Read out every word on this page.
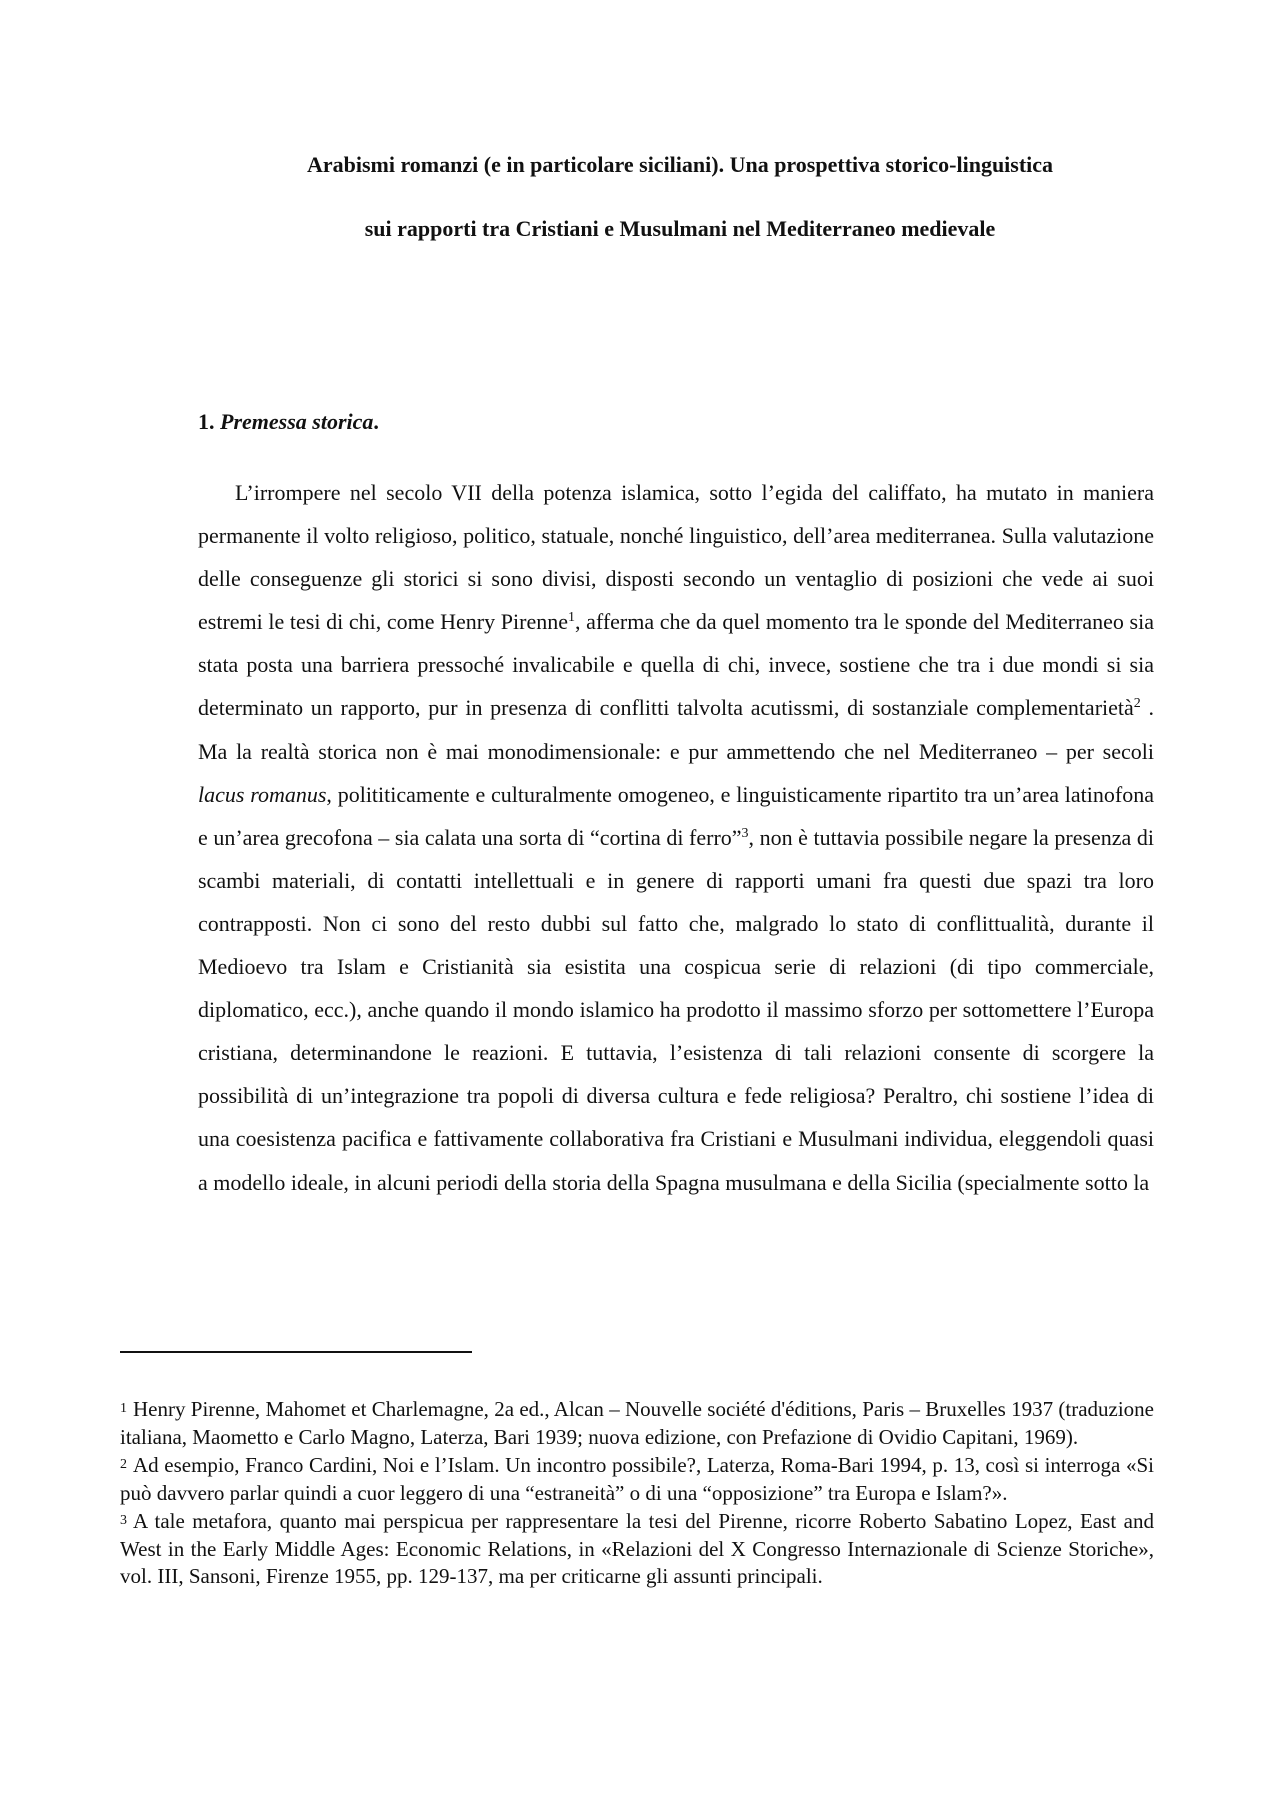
Arabismi romanzi (e in particolare siciliani). Una prospettiva storico-linguistica
sui rapporti tra Cristiani e Musulmani nel Mediterraneo medievale
1. Premessa storica.

L’irrompere nel secolo VII della potenza islamica, sotto l’egida del califfato, ha mutato in maniera permanente il volto religioso, politico, statuale, nonché linguistico, dell’area mediterranea. Sulla valutazione delle conseguenze gli storici si sono divisi, disposti secondo un ventaglio di posizioni che vede ai suoi estremi le tesi di chi, come Henry Pirenne$^1$, afferma che da quel momento tra le sponde del Mediterraneo sia stata posta una barriera pressoché invalicabile e quella di chi, invece, sostiene che tra i due mondi si sia determinato un rapporto, pur in presenza di conflitti talvolta acutissmi, di sostanziale complementarietà$^2$ . Ma la realtà storica non è mai monodimensionale: e pur ammettendo che nel Mediterraneo – per secoli lacus romanus, polititicamente e culturalmente omogeneo, e linguisticamente ripartito tra un’area latinofona e un’area grecofona – sia calata una sorta di “cortina di ferro”$^3$, non è tuttavia possibile negare la presenza di scambi materiali, di contatti intellettuali e in genere di rapporti umani fra questi due spazi tra loro contrapposti. Non ci sono del resto dubbi sul fatto che, malgrado lo stato di conflittualità, durante il Medioevo tra Islam e Cristianità sia esistita una cospicua serie di relazioni (di tipo commerciale, diplomatico, ecc.), anche quando il mondo islamico ha prodotto il massimo sforzo per sottomettere l’Europa cristiana, determinandone le reazioni. E tuttavia, l’esistenza di tali relazioni consente di scorgere la possibilità di un’integrazione tra popoli di diversa cultura e fede religiosa? Peraltro, chi sostiene l’idea di una coesistenza pacifica e fattivamente collaborativa fra Cristiani e Musulmani individua, eleggendoli quasi a modello ideale, in alcuni periodi della storia della Spagna musulmana e della Sicilia (specialmente sotto la

1 Henry Pirenne, Mahomet et Charlemagne, 2a ed., Alcan – Nouvelle société d'éditions, Paris – Bruxelles 1937 (traduzione italiana, Maometto e Carlo Magno, Laterza, Bari 1939; nuova edizione, con Prefazione di Ovidio Capitani, 1969).

2 Ad esempio, Franco Cardini, Noi e l’Islam. Un incontro possibile?, Laterza, Roma-Bari 1994, p. 13, così si interroga «Si può davvero parlar quindi a cuor leggero di una “estraneità” o di una “opposizione” tra Europa e Islam?».

3 A tale metafora, quanto mai perspicua per rappresentare la tesi del Pirenne, ricorre Roberto Sabatino Lopez, East and West in the Early Middle Ages: Economic Relations, in «Relazioni del X Congresso Internazionale di Scienze Storiche», vol. III, Sansoni, Firenze 1955, pp. 129-137, ma per criticarne gli assunti principali.
